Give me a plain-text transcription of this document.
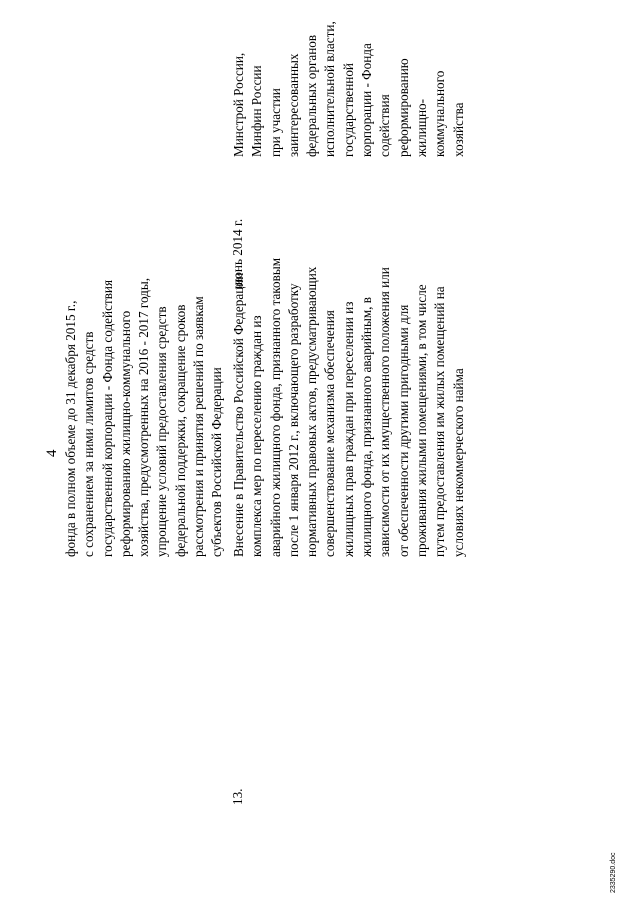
4 фонда в полном объеме до 31 декабря 2015 г., с сохранением за ними лимитов средств государственной корпорации - Фонда содействия реформированию жилищно-коммунального хозяйства, предусмотренных на 2016 - 2017 годы, упрощение условий предоставления средств федеральной поддержки, сокращение сроков рассмотрения и принятия решений по заявкам субъектов Российской Федерации
13.
Внесение в Правительство Российской Федерации комплекса мер по переселению граждан из аварийного жилищного фонда, признанного таковым после 1 января 2012 г., включающего разработку нормативных правовых актов, предусматривающих совершенствование механизма обеспечения жилищных прав граждан при переселении из жилищного фонда, признанного аварийным, в зависимости от их имущественного положения или от обеспеченности другими пригодными для проживания жилыми помещениями, в том числе путем предоставления им жилых помещений на условиях некоммерческого найма
июнь 2014 г.
Минстрой России, Минфин России при участии заинтересованных федеральных органов исполнительной власти, государственной корпорации - Фонда содействия реформированию жилищно- коммунального хозяйства
2335290.doc
